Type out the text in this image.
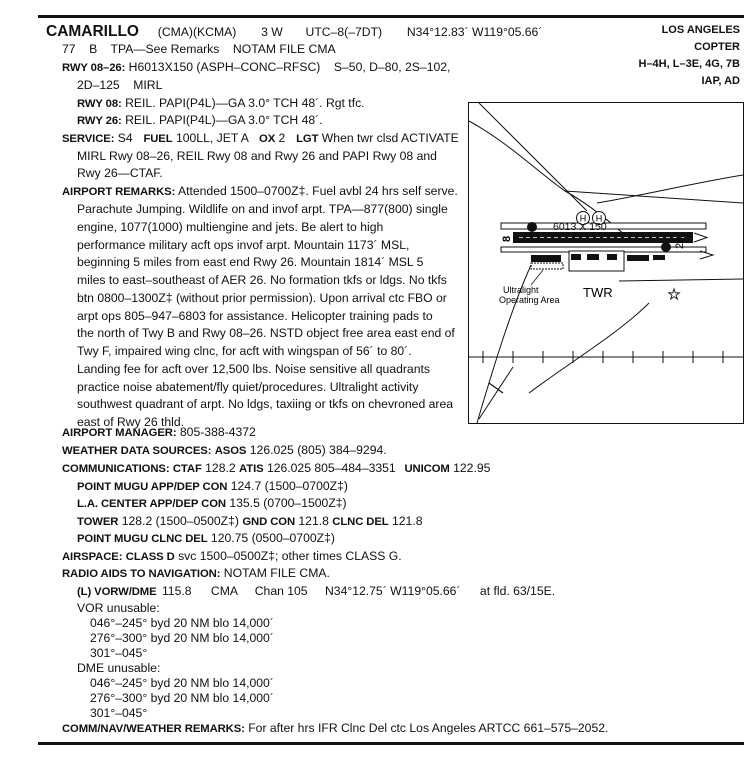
CAMARILLO (CMA)(KCMA) 3 W UTC–8(–7DT) N34°12.83´ W119°05.66´
77    B    TPA—See Remarks    NOTAM FILE CMA
LOS ANGELES
COPTER
H–4H, L–3E, 4G, 7B
IAP, AD
RWY 08–26: H6013X150 (ASPH–CONC–RFSC)    S–50, D–80, 2S–102,
2D–125    MIRL
RWY 08: REIL. PAPI(P4L)—GA 3.0° TCH 48´. Rgt tfc.
RWY 26: REIL. PAPI(P4L)—GA 3.0° TCH 48´.
SERVICE: S4 FUEL 100LL, JET A OX 2 LGT When twr clsd ACTIVATE
MIRL Rwy 08–26, REIL Rwy 08 and Rwy 26 and PAPI Rwy 08 and
Rwy 26—CTAF.
AIRPORT REMARKS: Attended 1500–0700Z‡. Fuel avbl 24 hrs self serve.
Parachute Jumping. Wildlife on and invof arpt. TPA—877(800) single
engine, 1077(1000) multiengine and jets. Be alert to high
performance military acft ops invof arpt. Mountain 1173´ MSL,
beginning 5 miles from east end Rwy 26. Mountain 1814´ MSL 5
miles to east–southeast of AER 26. No formation tkfs or ldgs. No tkfs
btn 0800–1300Z‡ (without prior permission). Upon arrival ctc FBO or
arpt ops 805–947–6803 for assistance. Helicopter training pads to
the north of Twy B and Rwy 08–26. NSTD object free area east end of
Twy F, impaired wing clnc, for acft with wingspan of 56´ to 80´.
Landing fee for acft over 12,500 lbs. Noise sensitive all quadrants
practice noise abatement/fly quiet/procedures. Ultralight activity
southwest quadrant of arpt. No ldgs, taxiing or tkfs on chevroned area
east of Rwy 26 thld.
AIRPORT MANAGER: 805-388-4372
WEATHER DATA SOURCES: ASOS 126.025 (805) 384–9294.
COMMUNICATIONS: CTAF 128.2 ATIS 126.025 805–484–3351 UNICOM 122.95
POINT MUGU APP/DEP CON 124.7 (1500–0700Z‡)
L.A. CENTER APP/DEP CON 135.5 (0700–1500Z‡)
TOWER 128.2 (1500–0500Z‡) GND CON 121.8 CLNC DEL 121.8
POINT MUGU CLNC DEL 120.75 (0500–0700Z‡)
AIRSPACE: CLASS D svc 1500–0500Z‡; other times CLASS G.
RADIO AIDS TO NAVIGATION: NOTAM FILE CMA.
(L) VORW/DME 115.8 CMA Chan 105 N34°12.75´ W119°05.66´ at fld. 63/15E.
VOR unusable:
046°–245° byd 20 NM blo 14,000´
276°–300° byd 20 NM blo 14,000´
301°–045°
DME unusable:
046°–245° byd 20 NM blo 14,000´
276°–300° byd 20 NM blo 14,000´
301°–045°
COMM/NAV/WEATHER REMARKS: For after hrs IFR Clnc Del ctc Los Angeles ARTCC 661–575–2052.
H H
6013 X 150
8	26
TWR	★
Ultralight
Operating Area
